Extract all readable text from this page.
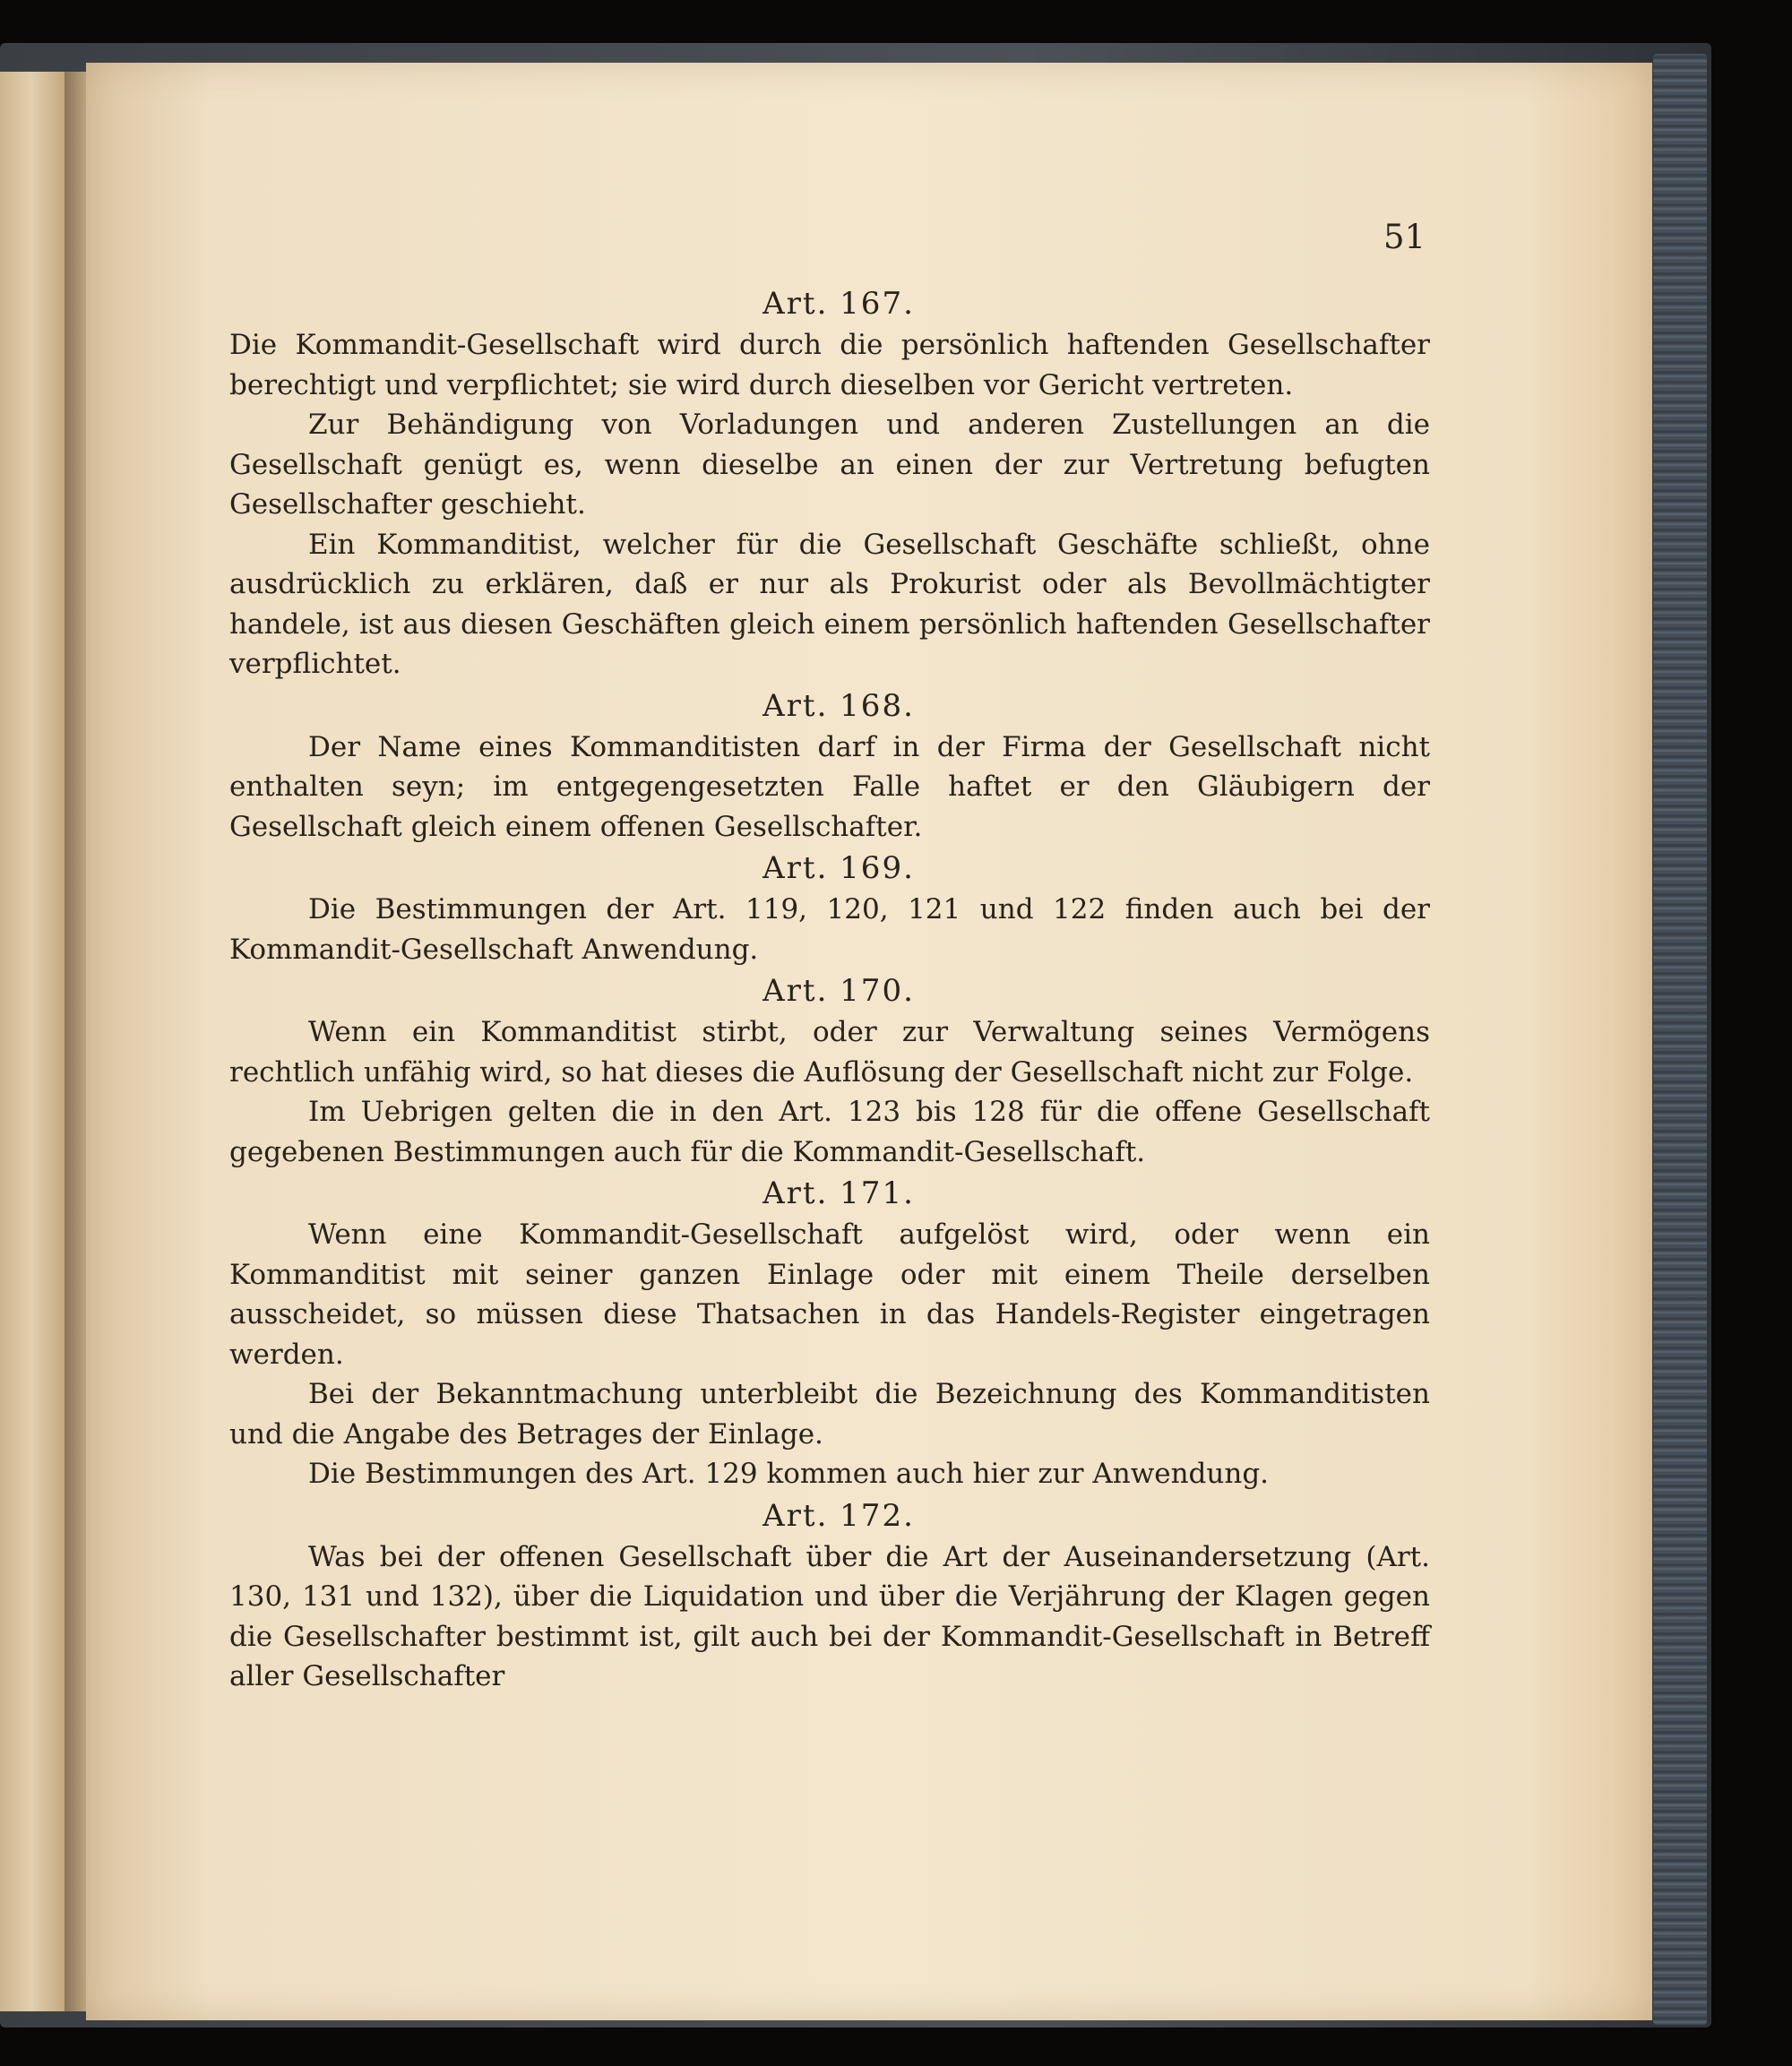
51
Art. 167.

Die Kommandit-Gesellschaft wird durch die persönlich haftenden Gesellschafter berechtigt und verpflichtet; sie wird durch dieselben vor Gericht vertreten.

Zur Behändigung von Vorladungen und anderen Zustellungen an die Gesellschaft genügt es, wenn dieselbe an einen der zur Vertretung befugten Gesellschafter geschieht.

Ein Kommanditist, welcher für die Gesellschaft Geschäfte schließt, ohne ausdrücklich zu erklären, daß er nur als Prokurist oder als Bevollmächtigter handele, ist aus diesen Geschäften gleich einem persönlich haftenden Gesellschafter verpflichtet.

Art. 168.

Der Name eines Kommanditisten darf in der Firma der Gesellschaft nicht enthalten seyn; im entgegengesetzten Falle haftet er den Gläubigern der Gesellschaft gleich einem offenen Gesellschafter.

Art. 169.

Die Bestimmungen der Art. 119, 120, 121 und 122 finden auch bei der Kommandit-Gesellschaft Anwendung.

Art. 170.

Wenn ein Kommanditist stirbt, oder zur Verwaltung seines Vermögens rechtlich unfähig wird, so hat dieses die Auflösung der Gesellschaft nicht zur Folge.

Im Uebrigen gelten die in den Art. 123 bis 128 für die offene Gesellschaft gegebenen Bestimmungen auch für die Kommandit-Gesellschaft.

Art. 171.

Wenn eine Kommandit-Gesellschaft aufgelöst wird, oder wenn ein Kommanditist mit seiner ganzen Einlage oder mit einem Theile derselben ausscheidet, so müssen diese Thatsachen in das Handels-Register eingetragen werden.

Bei der Bekanntmachung unterbleibt die Bezeichnung des Kommanditisten und die Angabe des Betrages der Einlage.

Die Bestimmungen des Art. 129 kommen auch hier zur Anwendung.

Art. 172.

Was bei der offenen Gesellschaft über die Art der Auseinandersetzung (Art. 130, 131 und 132), über die Liquidation und über die Verjährung der Klagen gegen die Gesellschafter bestimmt ist, gilt auch bei der Kommandit-Gesellschaft in Betreff aller Gesellschafter
